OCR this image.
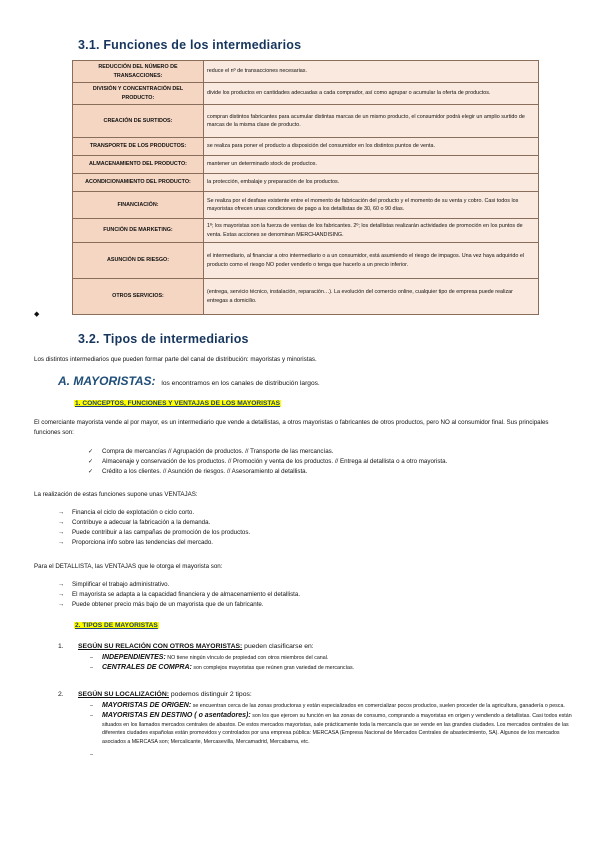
3.1. Funciones de los intermediarios
REDUCCIÓN DEL NÚMERO DE TRANSACCIONES:	reduce el nº de transacciones necesarias.
DIVISIÓN Y CONCENTRACIÓN DEL PRODUCTO:	divide los productos en cantidades adecuadas a cada comprador, así como agrupar o acumular la oferta de productos.
CREACIÓN DE SURTIDOS:	compran distintos fabricantes para acumular distintas marcas de un mismo producto, el consumidor podrá elegir un amplio surtido de marcas de la misma clase de producto.
TRANSPORTE DE LOS PRODUCTOS:	se realiza para poner el producto a disposición del consumidor en los distintos puntos de venta.
ALMACENAMIENTO DEL PRODUCTO:	mantener un determinado stock de productos.
ACONDICIONAMIENTO DEL PRODUCTO:	la protección, embalaje y preparación de los productos.
FINANCIACIÓN:	Se realiza por el desfase existente entre el momento de fabricación del producto y el momento de su venta y cobro. Casi todos los mayoristas ofrecen unas condiciones de pago a los detallistas de 30, 60 o 90 días.
FUNCIÓN DE MARKETING:	1º; los mayoristas son la fuerza de ventas de los fabricantes. 2º; los detallistas realizarán actividades de promoción en los puntos de venta. Estas acciones se denominan MERCHANDISING.
ASUNCIÓN DE RIESGO:	el intermediario, al financiar a otro intermediario o a un consumidor, está asumiendo el riesgo de impagos. Una vez haya adquirido el producto como el riesgo NO poder venderlo o tenga que hacerlo a un precio inferior.
OTROS SERVICIOS:	(entrega, servicio técnico, instalación, reparación…). La evolución del comercio online, cualquier tipo de empresa puede realizar entregas a domicilio.
◆
3.2. Tipos de intermediarios
Los distintos intermediarios que pueden formar parte del canal de distribución: mayoristas y minoristas.
A. MAYORISTAS: los encontramos en los canales de distribución largos.
1. CONCEPTOS, FUNCIONES Y VENTAJAS DE LOS MAYORISTAS
El comerciante mayorista vende al por mayor, es un intermediario que vende a detallistas, a otros mayoristas o fabricantes de otros productos, pero NO al consumidor final. Sus principales funciones son:
✓	Compra de mercancías // Agrupación de productos. // Transporte de las mercancías.
✓	Almacenaje y conservación de los productos. // Promoción y venta de los productos. // Entrega al detallista o a otro mayorista.
✓	Crédito a los clientes. // Asunción de riesgos. // Asesoramiento al detallista.
La realización de estas funciones supone unas VENTAJAS:
→	Financia el ciclo de explotación o ciclo corto.
→	Contribuye a adecuar la fabricación a la demanda.
→	Puede contribuir a las campañas de promoción de los productos.
→	Proporciona info sobre las tendencias del mercado.
Para el DETALLISTA, las VENTAJAS que le otorga el mayorista son:
→	Simplificar el trabajo administrativo.
→	El mayorista se adapta a la capacidad financiera y de almacenamiento el detallista.
→	Puede obtener precio más bajo de un mayorista que de un fabricante.
2. TIPOS DE MAYORISTAS
1.	SEGÚN SU RELACIÓN CON OTROS MAYORISTAS: pueden clasificarse en:
–	INDEPENDIENTES: NO tiene ningún vínculo de propiedad con otros miembros del canal.
–	CENTRALES DE COMPRA: son complejos mayoristas que reúnen gran variedad de mercancías.
2.	SEGÚN SU LOCALIZACIÓN: podemos distinguir 2 tipos:
–	MAYORISTAS DE ORIGEN: se encuentran cerca de las zonas productoras y están especializados en comercializar pocos productos, suelen proceder de la agricultura, ganadería o pesca.
–	MAYORISTAS EN DESTINO ( o asentadores): son los que ejercen su función en las zonas de consumo, comprando a mayoristas en origen y vendiendo a detallistas. Casi todos están situados en los llamados mercados centrales de abastos. De estos mercados mayoristas, sale prácticamente toda la mercancía que se vende en las grandes ciudades. Los mercados centrales de las diferentes ciudades españolas están promovidos y controlados por una empresa pública: MERCASA (Empresa Nacional de Mercados Centrales de abastecimiento, SA). Algunos de los mercados asociados a MERCASA son; Mercalicante, Mercasevilla, Mercamadrid, Mercabarna, etc.
–
